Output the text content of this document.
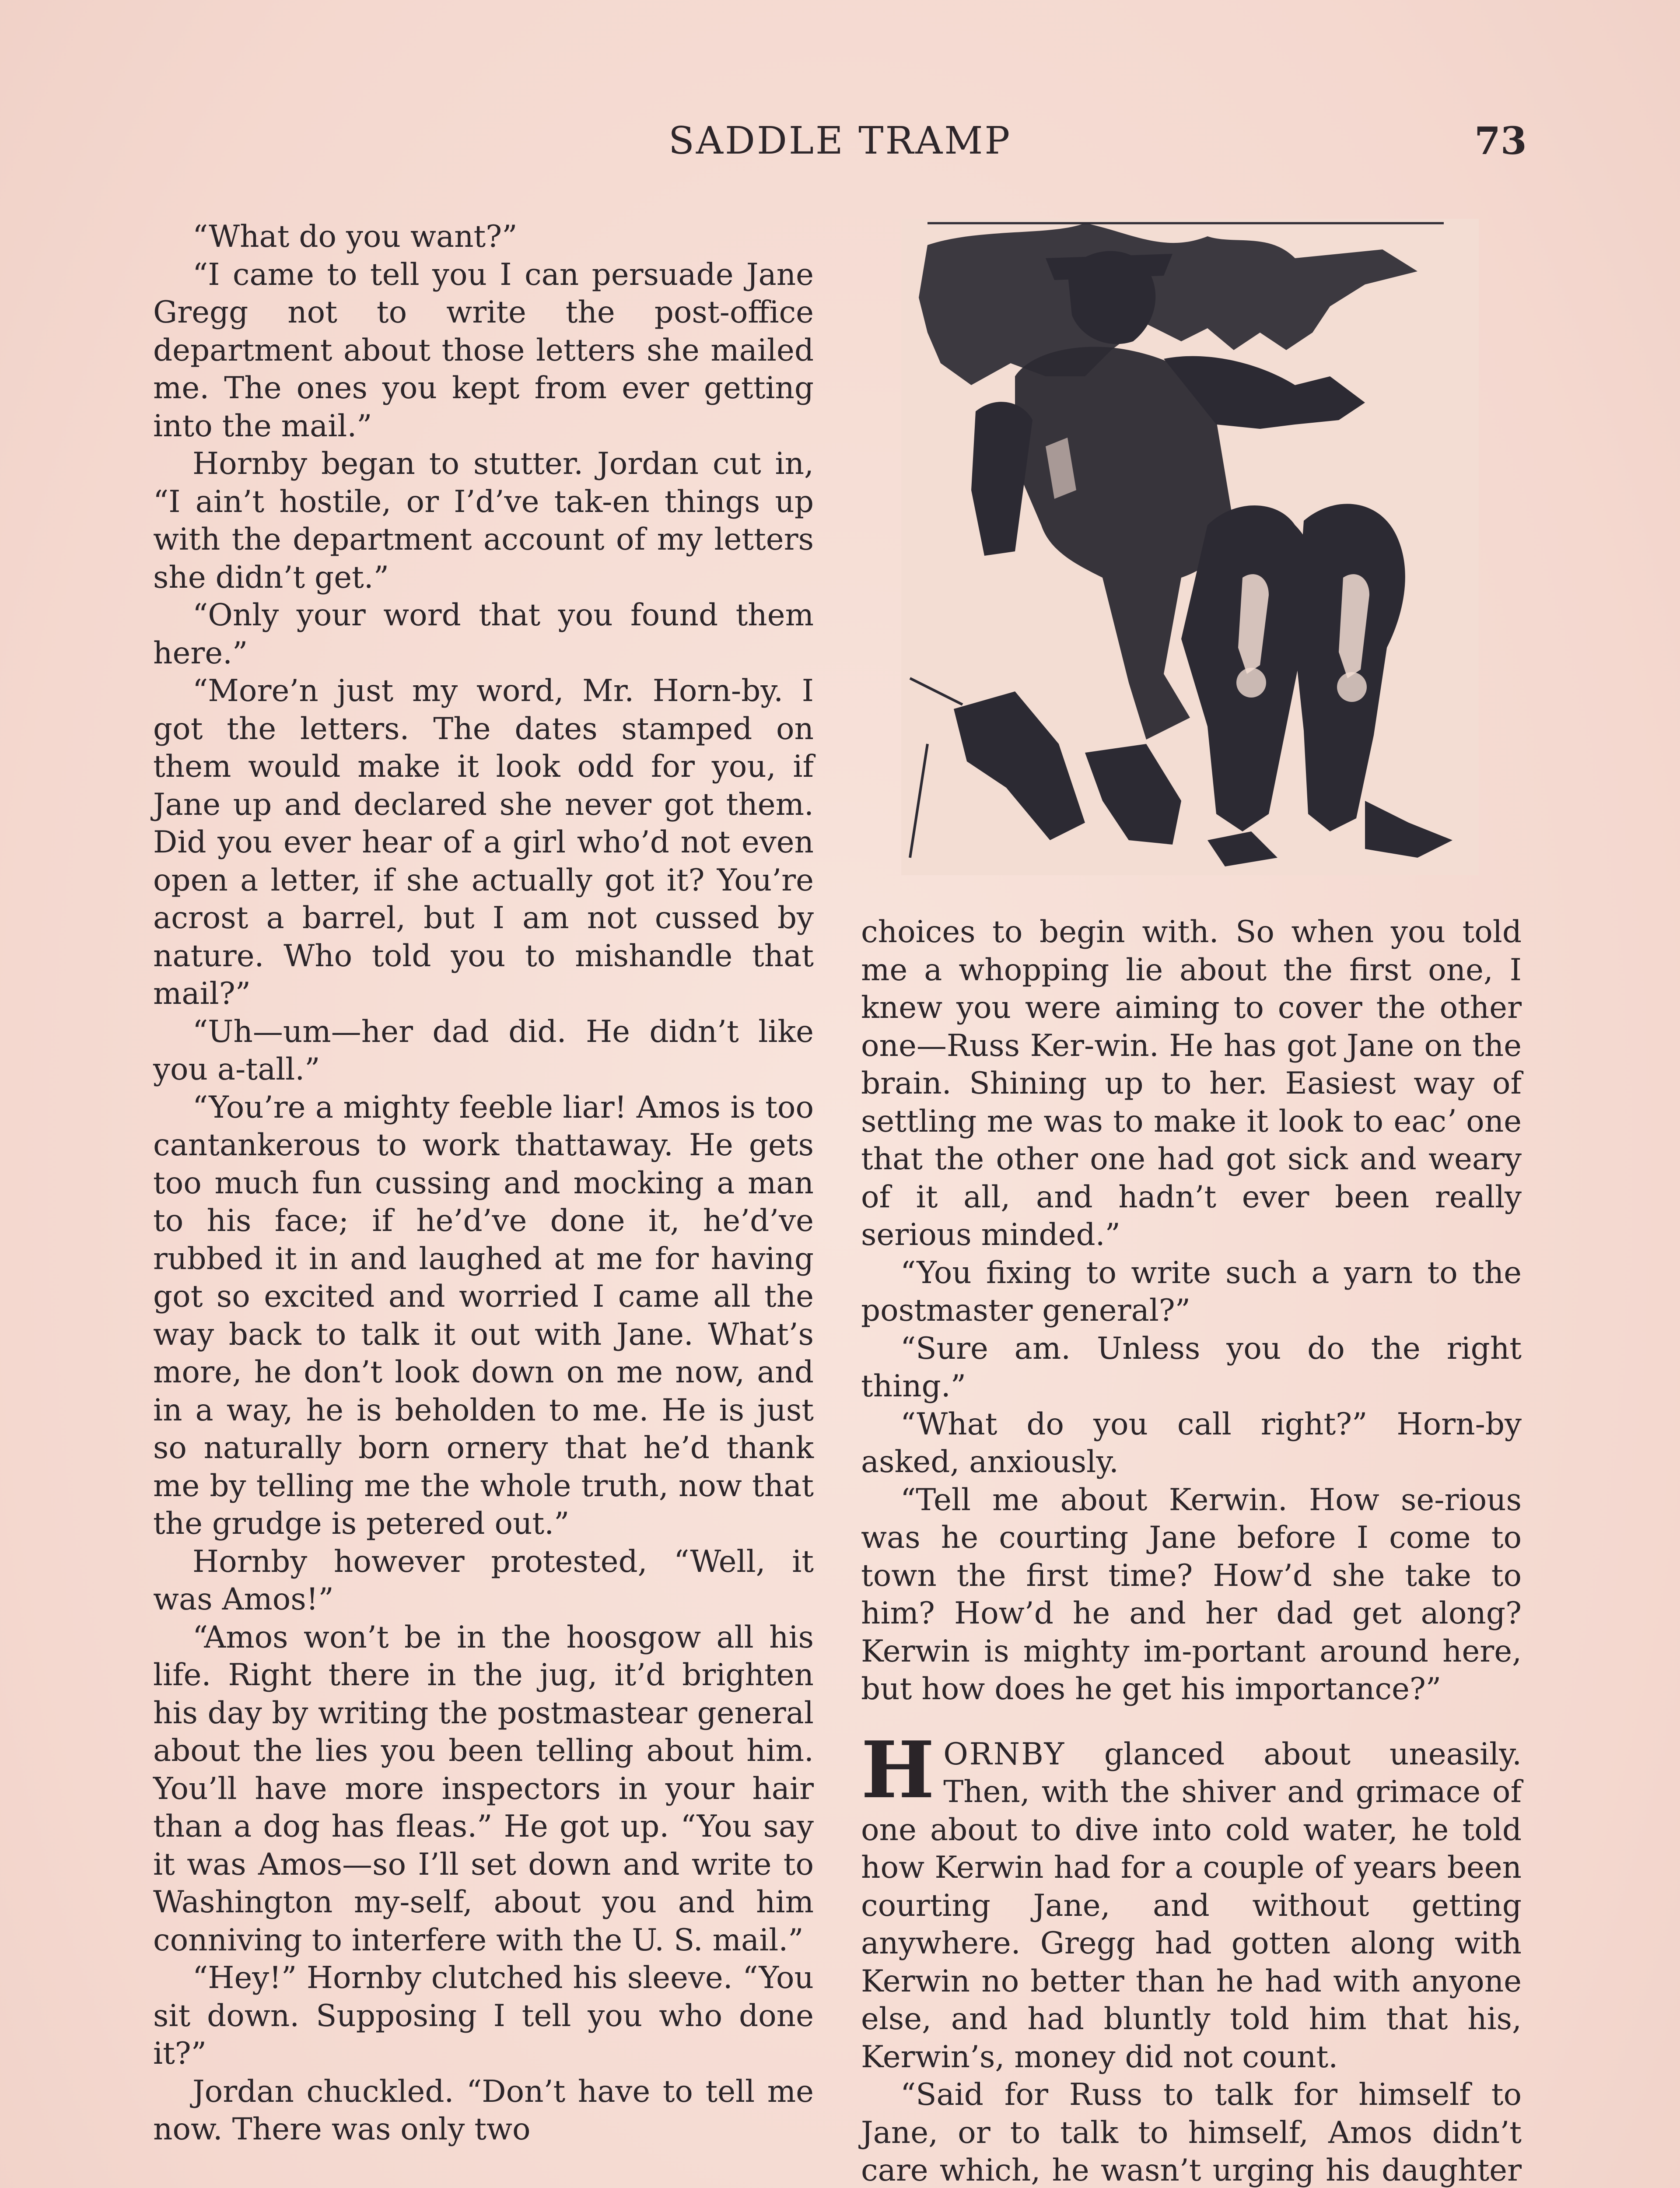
SADDLE TRAMP	73

“What do you want?”

“I came to tell you I can persuade Jane Gregg not to write the post-office department about those letters she mailed me. The ones you kept from ever getting into the mail.”

Hornby began to stutter. Jordan cut in, “I ain’t hostile, or I’d’ve tak-en things up with the department account of my letters she didn’t get.”

“Only your word that you found them here.”

“More’n just my word, Mr. Horn-by. I got the letters. The dates stamped on them would make it look odd for you, if Jane up and declared she never got them. Did you ever hear of a girl who’d not even open a letter, if she actually got it? You’re acrost a barrel, but I am not cussed by nature. Who told you to mishandle that mail?”

“Uh—um—her dad did. He didn’t like you a-tall.”

“You’re a mighty feeble liar! Amos is too cantankerous to work thattaway. He gets too much fun cussing and mocking a man to his face; if he’d’ve done it, he’d’ve rubbed it in and laughed at me for having got so excited and worried I came all the way back to talk it out with Jane. What’s more, he don’t look down on me now, and in a way, he is beholden to me. He is just so naturally born ornery that he’d thank me by telling me the whole truth, now that the grudge is petered out.”

Hornby however protested, “Well, it was Amos!”

“Amos won’t be in the hoosgow all his life. Right there in the jug, it’d brighten his day by writing the postmastear general about the lies you been telling about him. You’ll have more inspectors in your hair than a dog has fleas.” He got up. “You say it was Amos—so I’ll set down and write to Washington my-self, about you and him conniving to interfere with the U. S. mail.”

“Hey!” Hornby clutched his sleeve. “You sit down. Supposing I tell you who done it?”

Jordan chuckled. “Don’t have to tell me now. There was only two

choices to begin with. So when you told me a whopping lie about the first one, I knew you were aiming to cover the other one—Russ Ker-win. He has got Jane on the brain. Shining up to her. Easiest way of settling me was to make it look to eacʼ one that the other one had got sick and weary of it all, and hadn’t ever been really serious minded.”

“You fixing to write such a yarn to the postmaster general?”

“Sure am. Unless you do the right thing.”

“What do you call right?” Horn-by asked, anxiously.

“Tell me about Kerwin. How se-rious was he courting Jane before I come to town the first time? How’d she take to him? How’d he and her dad get along? Kerwin is mighty im-portant around here, but how does he get his importance?”

HORNBY glanced about uneasily. Then, with the shiver and grimace of one about to dive into cold water, he told how Kerwin had for a couple of years been courting Jane, and without getting anywhere. Gregg had gotten along with Kerwin no better than he had with anyone else, and had bluntly told him that his, Kerwin’s, money did not count.

“Said for Russ to talk for himself to Jane, or to talk to himself, Amos didn’t care which, he wasn’t urging his daughter
